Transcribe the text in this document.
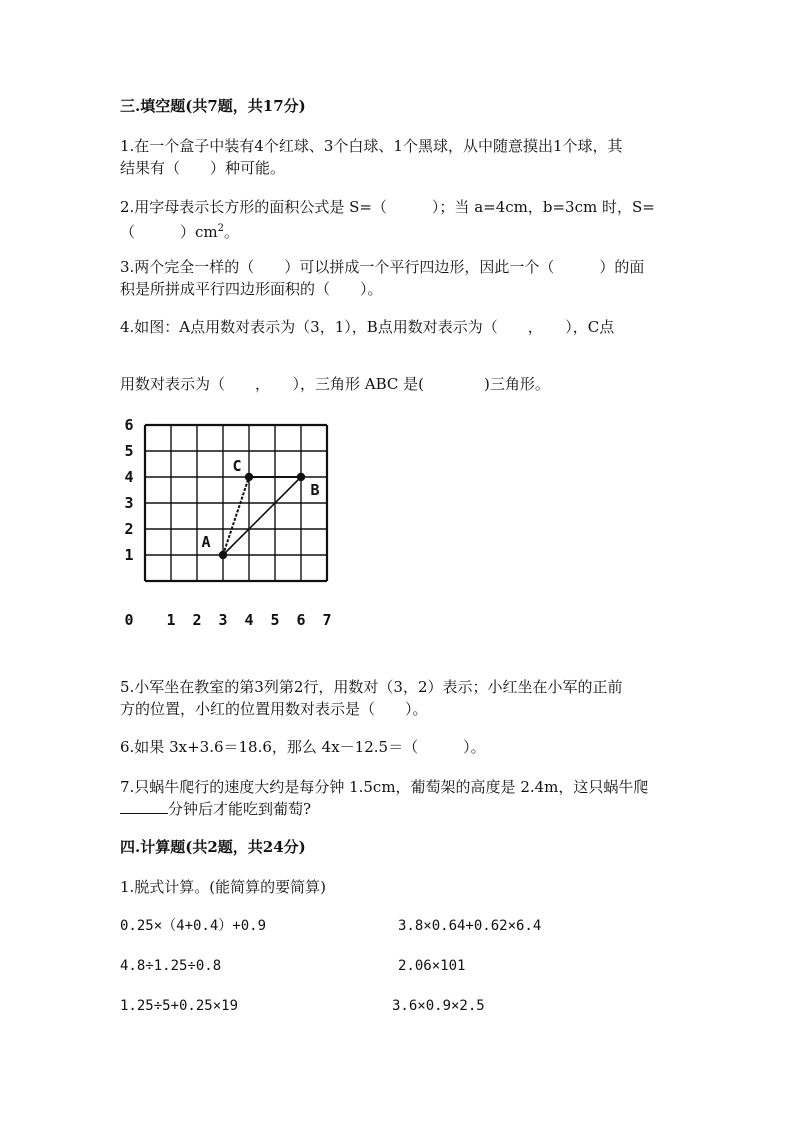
三.填空题(共7题，共17分)
1.在一个盒子中装有4个红球、3个白球、1个黑球，从中随意摸出1个球，其
结果有（　　）种可能。
2.用字母表示长方形的面积公式是 S=（　　　）；当 a=4cm，b=3cm 时，S=
（　　　）$cm^2$。
3.两个完全一样的（　　）可以拼成一个平行四边形，因此一个（　　　）的面
积是所拼成平行四边形面积的（　　）。
4.如图：A点用数对表示为（3，1），B点用数对表示为（　　，　　），C点
用数对表示为（　　，　　），三角形 ABC 是(　　　　)三角形。
0 1 2 3 4 5 6 7
1
2
3
4
5
6
A
B
C
5.小军坐在教室的第3列第2行，用数对（3，2）表示；小红坐在小军的正前
方的位置，小红的位置用数对表示是（　　）。
6.如果 3x+3.6＝18.6，那么 4x－12.5＝（　　　）。
7.只蜗牛爬行的速度大约是每分钟 1.5cm，葡萄架的高度是 2.4m，这只蜗牛爬
分钟后才能吃到葡萄?
四.计算题(共2题，共24分)
1.脱式计算。(能简算的要简算)
0.25×（4+0.4）+0.9	3.8×0.64+0.62×6.4
4.8÷1.25÷0.8	2.06×101
1.25÷5+0.25×19	3.6×0.9×2.5
